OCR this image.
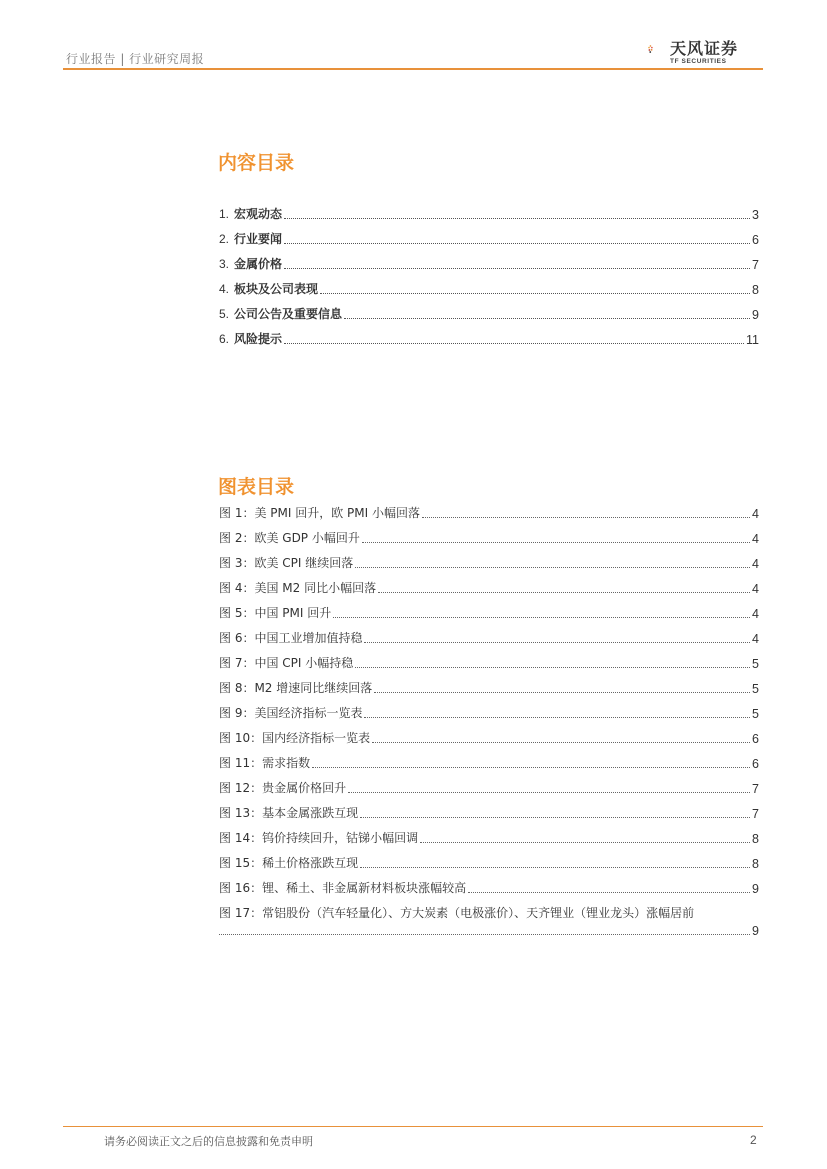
行业报告 | 行业研究周报
天风证券
TF SECURITIES
内容目录
1. 宏观动态	3
2. 行业要闻	6
3. 金属价格	7
4. 板块及公司表现	8
5. 公司公告及重要信息	9
6. 风险提示	11
图表目录
图 1：美 PMI 回升，欧 PMI 小幅回落	4
图 2：欧美 GDP 小幅回升	4
图 3：欧美 CPI 继续回落	4
图 4：美国 M2 同比小幅回落	4
图 5：中国 PMI 回升	4
图 6：中国工业增加值持稳	4
图 7：中国 CPI 小幅持稳	5
图 8：M2 增速同比继续回落	5
图 9：美国经济指标一览表	5
图 10：国内经济指标一览表	6
图 11：需求指数	6
图 12：贵金属价格回升	7
图 13：基本金属涨跌互现	7
图 14：钨价持续回升，钴锑小幅回调	8
图 15：稀土价格涨跌互现	8
图 16：锂、稀土、非金属新材料板块涨幅较高	9
图 17：常铝股份（汽车轻量化）、方大炭素（电极涨价）、天齐锂业（锂业龙头）涨幅居前
9
请务必阅读正文之后的信息披露和免责申明	2
